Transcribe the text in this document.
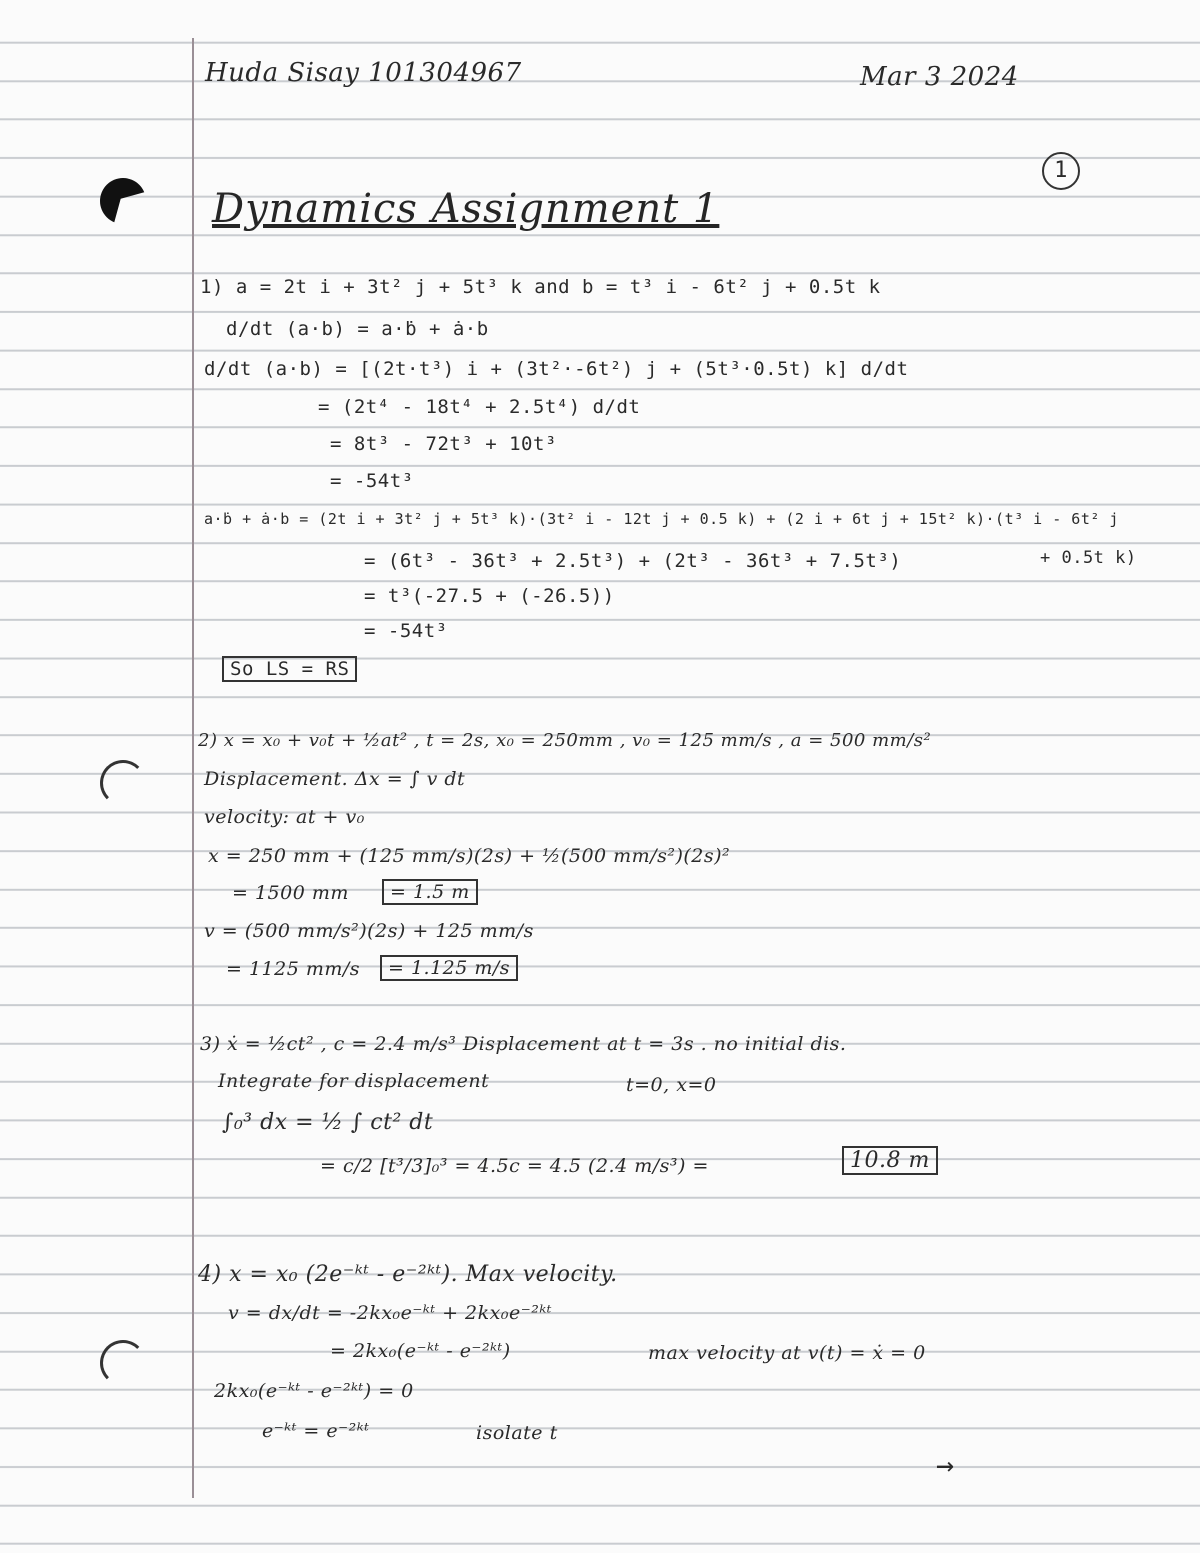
Huda Sisay 101304967	Mar 3 2024
1
Dynamics Assignment 1
1) a = 2t i + 3t² j + 5t³ k and b = t³ i - 6t² j + 0.5t k
d/dt (a·b) = a·ḃ + ȧ·b
d/dt (a·b) = [(2t·t³) i + (3t²·-6t²) j + (5t³·0.5t) k] d/dt
= (2t⁴ - 18t⁴ + 2.5t⁴) d/dt
= 8t³ - 72t³ + 10t³
= -54t³
a·ḃ + ȧ·b = (2t i + 3t² j + 5t³ k)·(3t² i - 12t j + 0.5 k) + (2 i + 6t j + 15t² k)·(t³ i - 6t² j
+ 0.5t k)
= (6t³ - 36t³ + 2.5t³) + (2t³ - 36t³ + 7.5t³)
= t³(-27.5 + (-26.5))
= -54t³
So LS = RS
2) x = x₀ + v₀t + ½at² , t = 2s, x₀ = 250mm , v₀ = 125 mm/s , a = 500 mm/s²
Displacement. Δx = ∫ v dt
velocity: at + v₀
x = 250 mm + (125 mm/s)(2s) + ½(500 mm/s²)(2s)²
= 1500 mm	= 1.5 m
v = (500 mm/s²)(2s) + 125 mm/s
= 1125 mm/s	= 1.125 m/s
3) ẋ = ½ct² , c = 2.4 m/s³ Displacement at t = 3s . no initial dis.
Integrate for displacement	t=0, x=0
∫₀³ dx = ½ ∫ ct² dt
= c/2 [t³/3]₀³ = 4.5c = 4.5 (2.4 m/s³) =	10.8 m
4) x = x₀ (2e⁻ᵏᵗ - e⁻²ᵏᵗ). Max velocity.
v = dx/dt = -2kx₀e⁻ᵏᵗ + 2kx₀e⁻²ᵏᵗ
= 2kx₀(e⁻ᵏᵗ - e⁻²ᵏᵗ)	max velocity at v(t) = ẋ = 0
2kx₀(e⁻ᵏᵗ - e⁻²ᵏᵗ) = 0
e⁻ᵏᵗ = e⁻²ᵏᵗ	isolate t
→
